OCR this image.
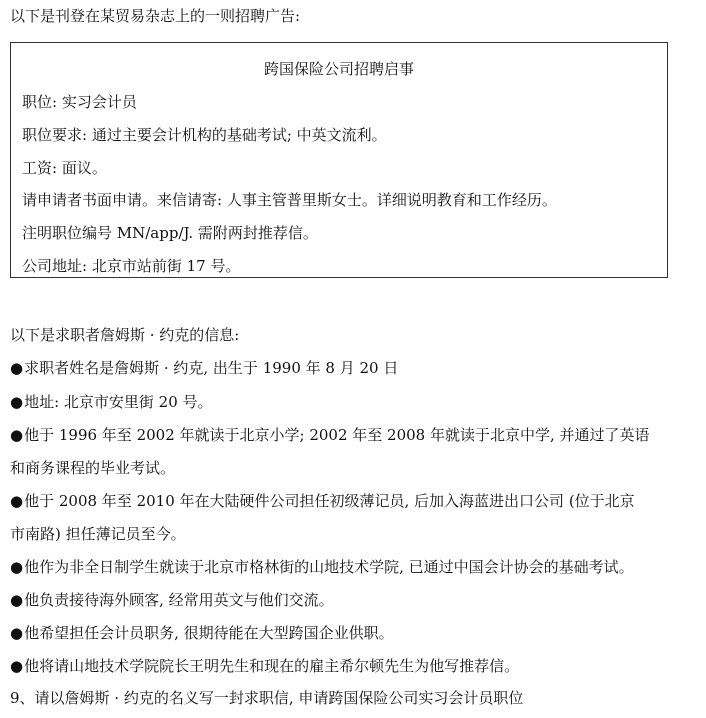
以下是刊登在某贸易杂志上的一则招聘广告:
跨国保险公司招聘启事
职位: 实习会计员
职位要求: 通过主要会计机构的基础考试; 中英文流利。
工资: 面议。
请申请者书面申请。来信请寄: 人事主管普里斯女士。详细说明教育和工作经历。
注明职位编号 MN/app/J. 需附两封推荐信。
公司地址: 北京市站前街 17 号。
以下是求职者詹姆斯 · 约克的信息:
● 求职者姓名是詹姆斯 · 约克, 出生于 1990 年 8 月 20 日
● 地址: 北京市安里街 20 号。
● 他于 1996 年至 2002 年就读于北京小学; 2002 年至 2008 年就读于北京中学, 并通过了英语
和商务课程的毕业考试。
● 他于 2008 年至 2010 年在大陆硬件公司担任初级薄记员, 后加入海蓝进出口公司 (位于北京
市南路) 担任薄记员至今。
● 他作为非全日制学生就读于北京市格林街的山地技术学院, 已通过中国会计协会的基础考试。
● 他负责接待海外顾客, 经常用英文与他们交流。
● 他希望担任会计员职务, 很期待能在大型跨国企业供职。
● 他将请山地技术学院院长王明先生和现在的雇主希尔顿先生为他写推荐信。
9、请以詹姆斯 · 约克的名义写一封求职信, 申请跨国保险公司实习会计员职位
